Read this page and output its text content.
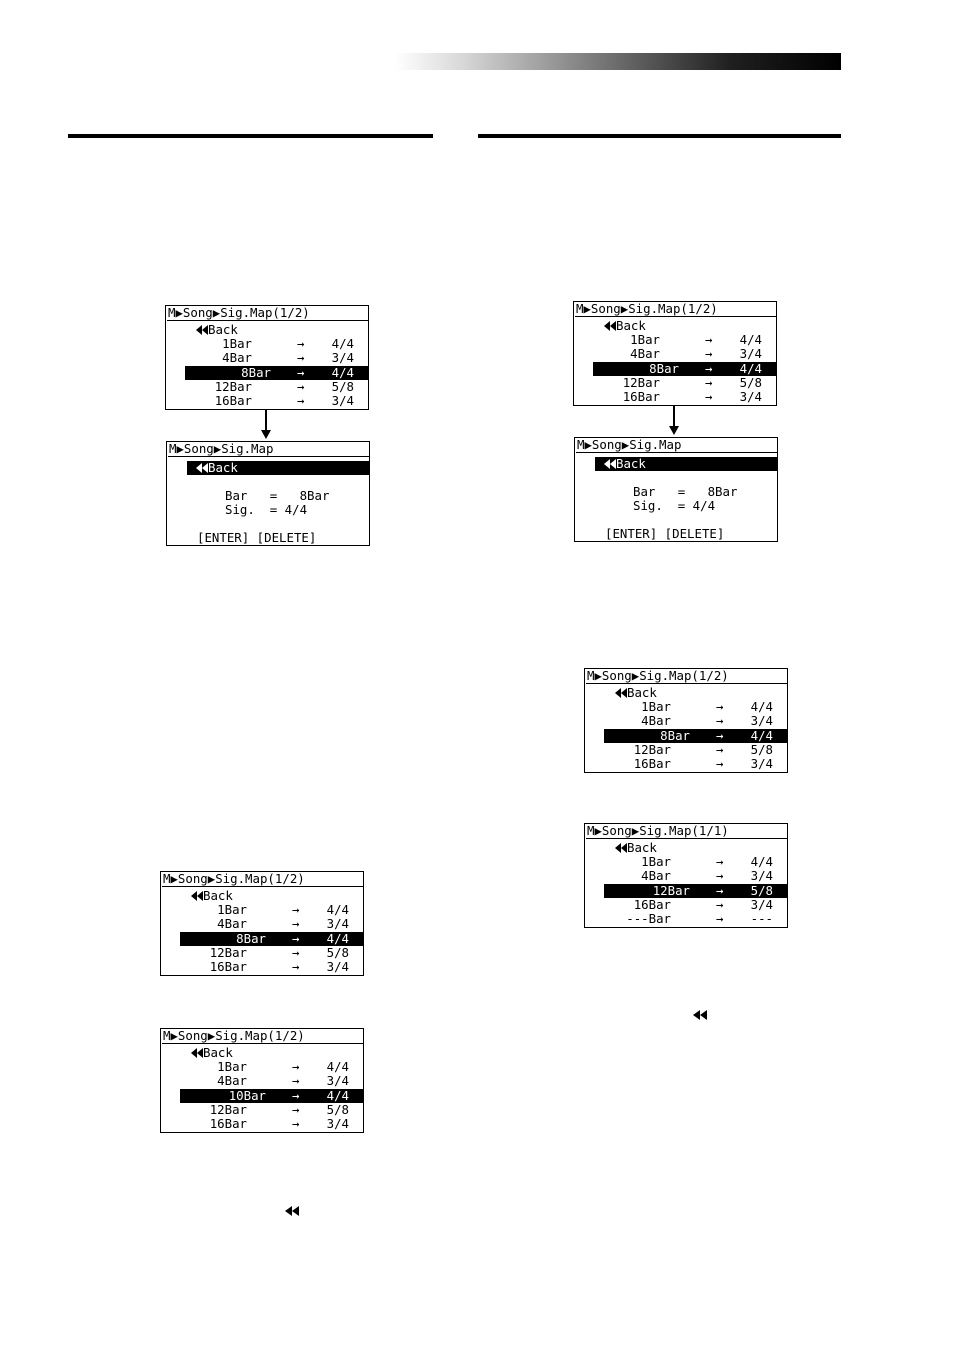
M▶Song▶Sig.Map(1/2)
Back
1Bar	→ 4/4
4Bar	→ 3/4
8Bar → 4/4
12Bar	→ 5/8
16Bar	→ 3/4
M▶Song▶Sig.Map
Back
Bar   =   8Bar
Sig.  = 4/4
[ENTER] [DELETE]
M▶Song▶Sig.Map(1/2)
Back
1Bar	→ 4/4
4Bar	→ 3/4
8Bar → 4/4
12Bar	→ 5/8
16Bar	→ 3/4
M▶Song▶Sig.Map(1/2)
Back
1Bar	→ 4/4
4Bar	→ 3/4
10Bar → 4/4
12Bar	→ 5/8
16Bar	→ 3/4
M▶Song▶Sig.Map(1/2)
Back
1Bar	→ 4/4
4Bar	→ 3/4
8Bar → 4/4
12Bar	→ 5/8
16Bar	→ 3/4
M▶Song▶Sig.Map
Back
Bar   =   8Bar
Sig.  = 4/4
[ENTER] [DELETE]
M▶Song▶Sig.Map(1/2)
Back
1Bar	→ 4/4
4Bar	→ 3/4
8Bar → 4/4
12Bar	→ 5/8
16Bar	→ 3/4
M▶Song▶Sig.Map(1/1)
Back
1Bar	→ 4/4
4Bar	→ 3/4
12Bar → 5/8
16Bar	→ 3/4
---Bar	→ ---
